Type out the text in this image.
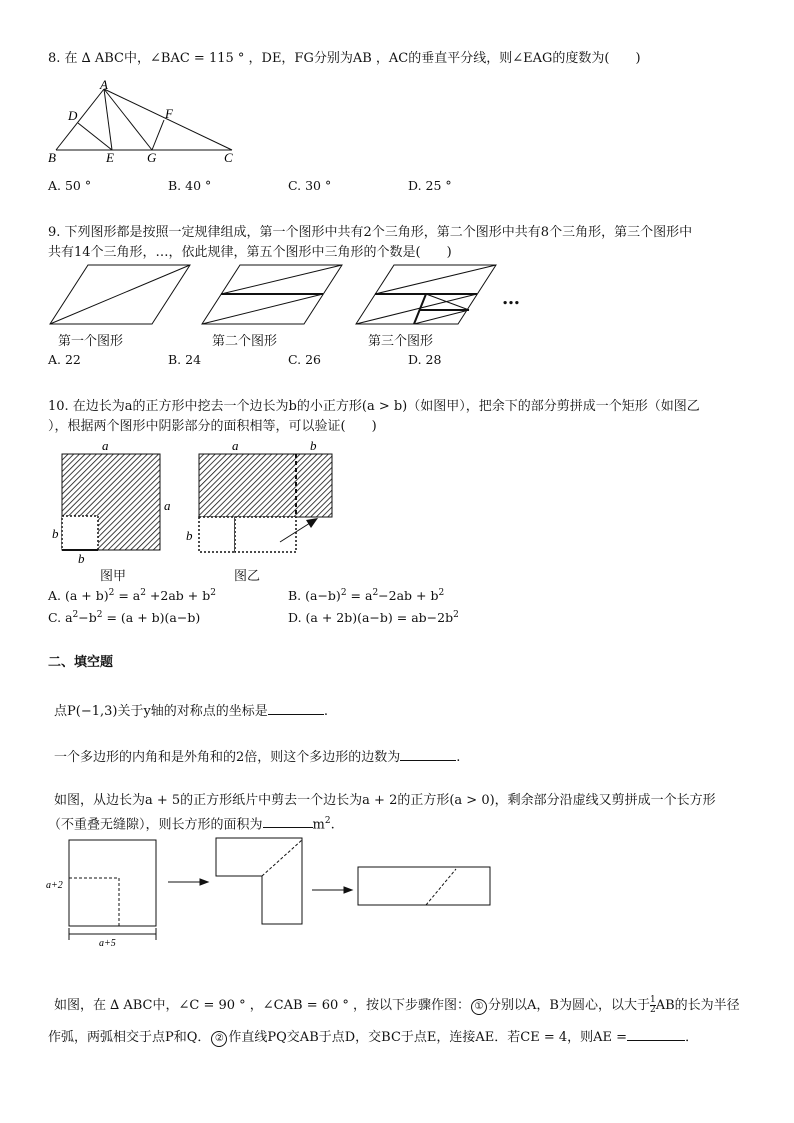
8. 在 ∆ ABC中，∠BAC = 115 ° ，DE，FG分别为AB ，AC的垂直平分线，则∠EAG的度数为(　　)
A
D	F
B	E	G	C
A. 50 °	B. 40 °	C. 30 °	D. 25 °
9. 下列图形都是按照一定规律组成，第一个图形中共有2个三角形，第二个图形中共有8个三角形，第三个图形中
共有14个三角形，…，依此规律，第五个图形中三角形的个数是(　　)
…
第一个图形	第二个图形	第三个图形
A. 22	B. 24	C. 26	D. 28
10. 在边长为a的正方形中挖去一个边长为b的小正方形(a > b)（如图甲），把余下的部分剪拼成一个矩形（如图乙
），根据两个图形中阴影部分的面积相等，可以验证(　　)
a
a
b
b
a	b
b
图甲	图乙
A. $(a + b)^2 = a^2 +2ab + b^2$	B. $(a-b)^2 = a^2-2ab + b^2$
C. $a^2-b^2 = (a + b)(a-b)$	D. $(a + 2b)(a-b) = ab-2b^2$
二、填空题
点P(−1,3)关于y轴的对称点的坐标是	.
一个多边形的内角和是外角和的2倍，则这个多边形的边数为	.
如图，从边长为a + 5的正方形纸片中剪去一个边长为a + 2的正方形(a > 0)，剩余部分沿虚线又剪拼成一个长方形
（不重叠无缝隙），则长方形的面积为	$m^2$.
a+2
a+5
如图，在 ∆ ABC中，∠C = 90 ° ，∠CAB = 60 ° ，按以下步骤作图： ① 分别以A，B为圆心，以大于 $\frac{1}{2}$ AB的长为半径
作弧，两弧相交于点P和Q． ② 作直线PQ交AB于点D，交BC于点E，连接AE．若CE = 4，则AE =	．
